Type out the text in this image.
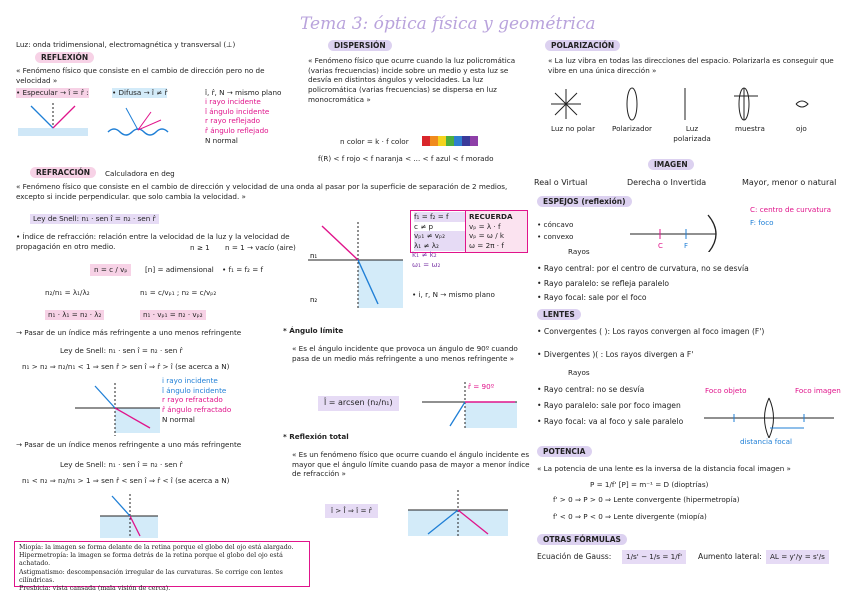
Tema 3: óptica física y geométrica
Luz: onda tridimensional, electromagnética y transversal (⊥)
REFLEXIÓN
« Fenómeno físico que consiste en el cambio de dirección pero no de velocidad »
• Especular → î = r̂ :	• Difusa → î ≠ r̂	î, r̂, N → mismo plano
i rayo incidente
î ángulo incidente
r rayo reflejado
r̂ ángulo reflejado
N normal
REFRACCIÓN	Calculadora en deg
« Fenómeno físico que consiste en el cambio de dirección y velocidad de una onda al pasar por la superficie de separación de 2 medios, excepto si incide perpendicular. que solo cambia la velocidad. »
Ley de Snell: n₁ · sen î = n₂ · sen r̂
• Índice de refracción: relación entre la velocidad de la luz y la velocidad de propagación en otro medio.	n ≥ 1 n = 1 → vacío (aire)
n = c / vₚ	[n] = adimensional • f₁ = f₂ = f
n₂/n₁ = λ₁/λ₂	n₁ = c/vₚ₁ ; n₂ = c/vₚ₂
n₁ · λ₁ = n₂ · λ₂	n₁ · vₚ₁ = n₂ · vₚ₂
→ Pasar de un índice más refringente a uno menos refringente
Ley de Snell: n₁ · sen î = n₂ · sen r̂
n₁ > n₂ ⇒ n₂/n₁ < 1 ⇒ sen r̂ > sen î ⇒ r̂ > î (se acerca a N)
i rayo incidente
î ángulo incidente
r rayo refractado
r̂ ángulo refractado
N normal
→ Pasar de un índice menos refringente a uno más refringente
Ley de Snell: n₁ · sen î = n₂ · sen r̂
n₁ < n₂ ⇒ n₂/n₁ > 1 ⇒ sen r̂ < sen î ⇒ r̂ < î (se acerca a N)
Miopía: la imagen se forma delante de la retina porque el globo del ojo está alargado.
Hipermetropía: la imagen se forma detrás de la retina porque el globo del ojo está achatado.
Astigmatismo: descompensación irregular de las curvaturas. Se corrige con lentes cilíndricas.
Presbicia: vista cansada (mala visión de cerca).
DISPERSIÓN
« Fenómeno físico que ocurre cuando la luz policromática (varias frecuencias) incide sobre un medio y esta luz se desvía en distintos ángulos y velocidades. La luz policromática (varias frecuencias) se dispersa en luz monocromática »
n color = k · f color
f(R) < f rojo < f naranja < ... < f azul < f morado
n₁
n₂
f₁ = f₂ = f
c ≠ p
vₚ₁ ≠ vₚ₂
λ₁ ≠ λ₂
k₁ ≠ k₂
ω₁ = ω₂
RECUERDA
vₚ = λ · f
vₚ = ω / k
ω = 2π · f
• i, r, N → mismo plano
* Ángulo límite
« Es el ángulo incidente que provoca un ángulo de 90º cuando pasa de un medio más refringente a uno menos refringente »
l̂ = arcsen (n₂/n₁)
r̂ = 90º
* Reflexión total
« Es un fenómeno físico que ocurre cuando el ángulo incidente es mayor que el ángulo límite cuando pasa de mayor a menor índice de refracción »
î > l̂ ⇒ î = r̂
POLARIZACIÓN
« La luz vibra en todas las direcciones del espacio. Polarizarla es conseguir que vibre en una única dirección »
Luz no polar Polarizador	Luz polarizada
muestra	ojo
IMAGEN
Real o Virtual	Derecha o Invertida	Mayor, menor o natural
ESPEJOS (reflexión)
• cóncavo
• convexo
Rayos
C	F
C: centro de curvatura
F: foco
• Rayo central: por el centro de curvatura, no se desvía
• Rayo paralelo: se refleja paralelo
• Rayo focal: sale por el foco
LENTES
• Convergentes ( ): Los rayos convergen al foco imagen (F')
• Divergentes )( : Los rayos divergen a F'
Rayos
• Rayo central: no se desvía
• Rayo paralelo: sale por foco imagen
• Rayo focal: va al foco y sale paralelo
Foco objeto	Foco imagen
distancia focal
POTENCIA
« La potencia de una lente es la inversa de la distancia focal imagen »
P = 1/f' [P] = m⁻¹ = D (dioptrías)
f' > 0 ⇒ P > 0 ⇒ Lente convergente (hipermetropía)
f' < 0 ⇒ P < 0 ⇒ Lente divergente (miopía)
OTRAS FÓRMULAS
Ecuación de Gauss:	1/s' − 1/s = 1/f'	Aumento lateral:	AL = y'/y = s'/s
